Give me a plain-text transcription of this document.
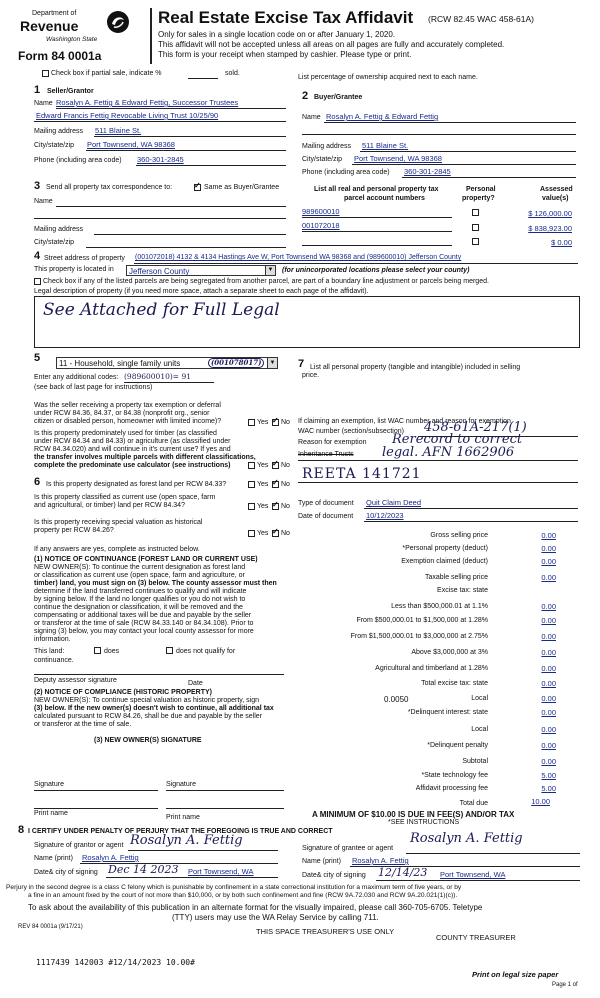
Department of
Revenue
Washington State
Form 84 0001a
Real Estate Excise Tax Affidavit (RCW 82.45 WAC 458-61A)
Only for sales in a single location code on or after January 1, 2020.
This affidavit will not be accepted unless all areas on all pages are fully and accurately completed.
This form is your receipt when stamped by cashier. Please type or print.
Check box if partial sale, indicate %	sold.
List percentage of ownership acquired next to each name.
1 Seller/Grantor
Name Rosalyn A. Fettig & Edward Fettig, Successor Trustees
Edward Francis Fettig Revocable Living Trust 10/25/90
Mailing address 511 Blaine St.
City/state/zip Port Townsend, WA 98368
Phone (including area code) 360-301-2845
2 Buyer/Grantee
Name Rosalyn A. Fettig & Edward Fettig
Mailing address 511 Blaine St.
City/state/zip Port Townsend, WA 98368
Phone (including area code) 360-301-2845
3 Send all property tax correspondence to: ✓	Same as Buyer/Grantee
Name
Mailing address
City/state/zip
List all real and personal property tax
parcel account numbers
Personal
property?
Assessed
value(s)
989600010	$ 126,000.00
001072018	$ 838,923.00
$ 0.00
4 Street address of property (001072018) 4132 & 4134 Hastings Ave W, Port Townsend WA 98368 and (989600010) Jefferson County
This property is located in Jefferson County	▼ (for unincorporated locations please select your county)
Check box if any of the listed parcels are being segregated from another parcel, are part of a boundary line adjustment or parcels being merged.
Legal description of property (if you need more space, attach a separate sheet to each page of the affidavit).
See Attached for Full Legal
5 11 - Household, single family units	(001078017)	▼
Enter any additional codes: (989600010)= 91
(see back of last page for instructions)
Was the seller receiving a property tax exemption or deferral
under RCW 84.36, 84.37, or 84.38 (nonprofit org., senior
citizen or disabled person, homeowner with limited income)?	Yes ✓ No
Is this property predominately used for timber (as classified
under RCW 84.34 and 84.33) or agriculture (as classified under
RCW 84.34.020) and will continue in it's current use? If yes and
the transfer involves multiple parcels with different classifications,
complete the predominate use calculator (see instructions)	Yes ✓ No
6 Is this property designated as forest land per RCW 84.33?	Yes ✓ No
Is this property classified as current use (open space, farm
and agricultural, or timber) land per RCW 84.34?	Yes ✓ No
Is this property receiving special valuation as historical
property per RCW 84.26?	Yes ✓ No
If any answers are yes, complete as instructed below.
(1) NOTICE OF CONTINUANCE (FOREST LAND OR CURRENT USE)
NEW OWNER(S): To continue the current designation as forest land
or classification as current use (open space, farm and agriculture, or
timber) land, you must sign on (3) below. The county assessor must then
determine if the land transferred continues to qualify and will indicate
by signing below. If the land no longer qualifies or you do not wish to
continue the designation or classification, it will be removed and the
compensating or additional taxes will be due and payable by the seller
or transferor at the time of sale (RCW 84.33.140 or 84.34.108). Prior to
signing (3) below, you may contact your local county assessor for more
information.
This land:	does	does not qualify for
continuance.
Deputy assessor signature	Date
(2) NOTICE OF COMPLIANCE (HISTORIC PROPERTY)
NEW OWNER(S): To continue special valuation as historic property, sign
(3) below. If the new owner(s) doesn't wish to continue, all additional tax
calculated pursuant to RCW 84.26, shall be due and payable by the seller
or transferor at the time of sale.
(3) NEW OWNER(S) SIGNATURE
Signature	Signature
Print name
Print name
7 List all personal property (tangible and intangible) included in selling
price.
If claiming an exemption, list WAC number and reason for exemption.
WAC number (section/subsection) 458-61A-217(1)
Reason for exemption Rerecord to correct
Inheritance Trusts legal. AFN 1662906
REETA 141721
Type of document Quit Claim Deed
Date of document 10/12/2023
Gross selling price	0.00
*Personal property (deduct)	0.00
Exemption claimed (deduct)	0.00
Taxable selling price	0.00
Excise tax: state
Less than $500,000.01 at 1.1%	0.00
From $500,000.01 to $1,500,000 at 1.28%	0.00
From $1,500,000.01 to $3,000,000 at 2.75%	0.00
Above $3,000,000 at 3%	0.00
Agricultural and timberland at 1.28%	0.00
Total excise tax: state	0.00
0.0050	Local	0.00
*Delinquent interest: state	0.00
Local	0.00
*Delinquent penalty	0.00
Subtotal	0.00
*State technology fee	5.00
Affidavit processing fee	5.00
Total due	10.00
A MINIMUM OF $10.00 IS DUE IN FEE(S) AND/OR TAX
*SEE INSTRUCTIONS
8 I CERTIFY UNDER PENALTY OF PERJURY THAT THE FOREGOING IS TRUE AND CORRECT
Signature of grantor or agent Rosalyn A. Fettig
Name (print) Rosalyn A. Fettig
Date& city of signing Dec 14 2023 Port Townsend, WA
Signature of grantee or agent
Rosalyn A. Fettig
Name (print) Rosalyn A. Fettig
Date& city of signing 12/14/23 Port Townsend, WA
Perjury in the second degree is a class C felony which is punishable by confinement in a state correctional institution for a maximum term of five years, or by
a fine in an amount fixed by the court of not more than $10,000, or by both such confinement and fine (RCW 9A.72.030 and RCW 9A.20.021(1)(c)).
To ask about the availability of this publication in an alternate format for the visually impaired, please call 360-705-6705. Teletype
(TTY) users may use the WA Relay Service by calling 711.
REV 84 0001a (9/17/21)	THIS SPACE TREASURER'S USE ONLY
COUNTY TREASURER
1117439 142003 #12/14/2023 10.00#
Print on legal size paper
Page 1 of
